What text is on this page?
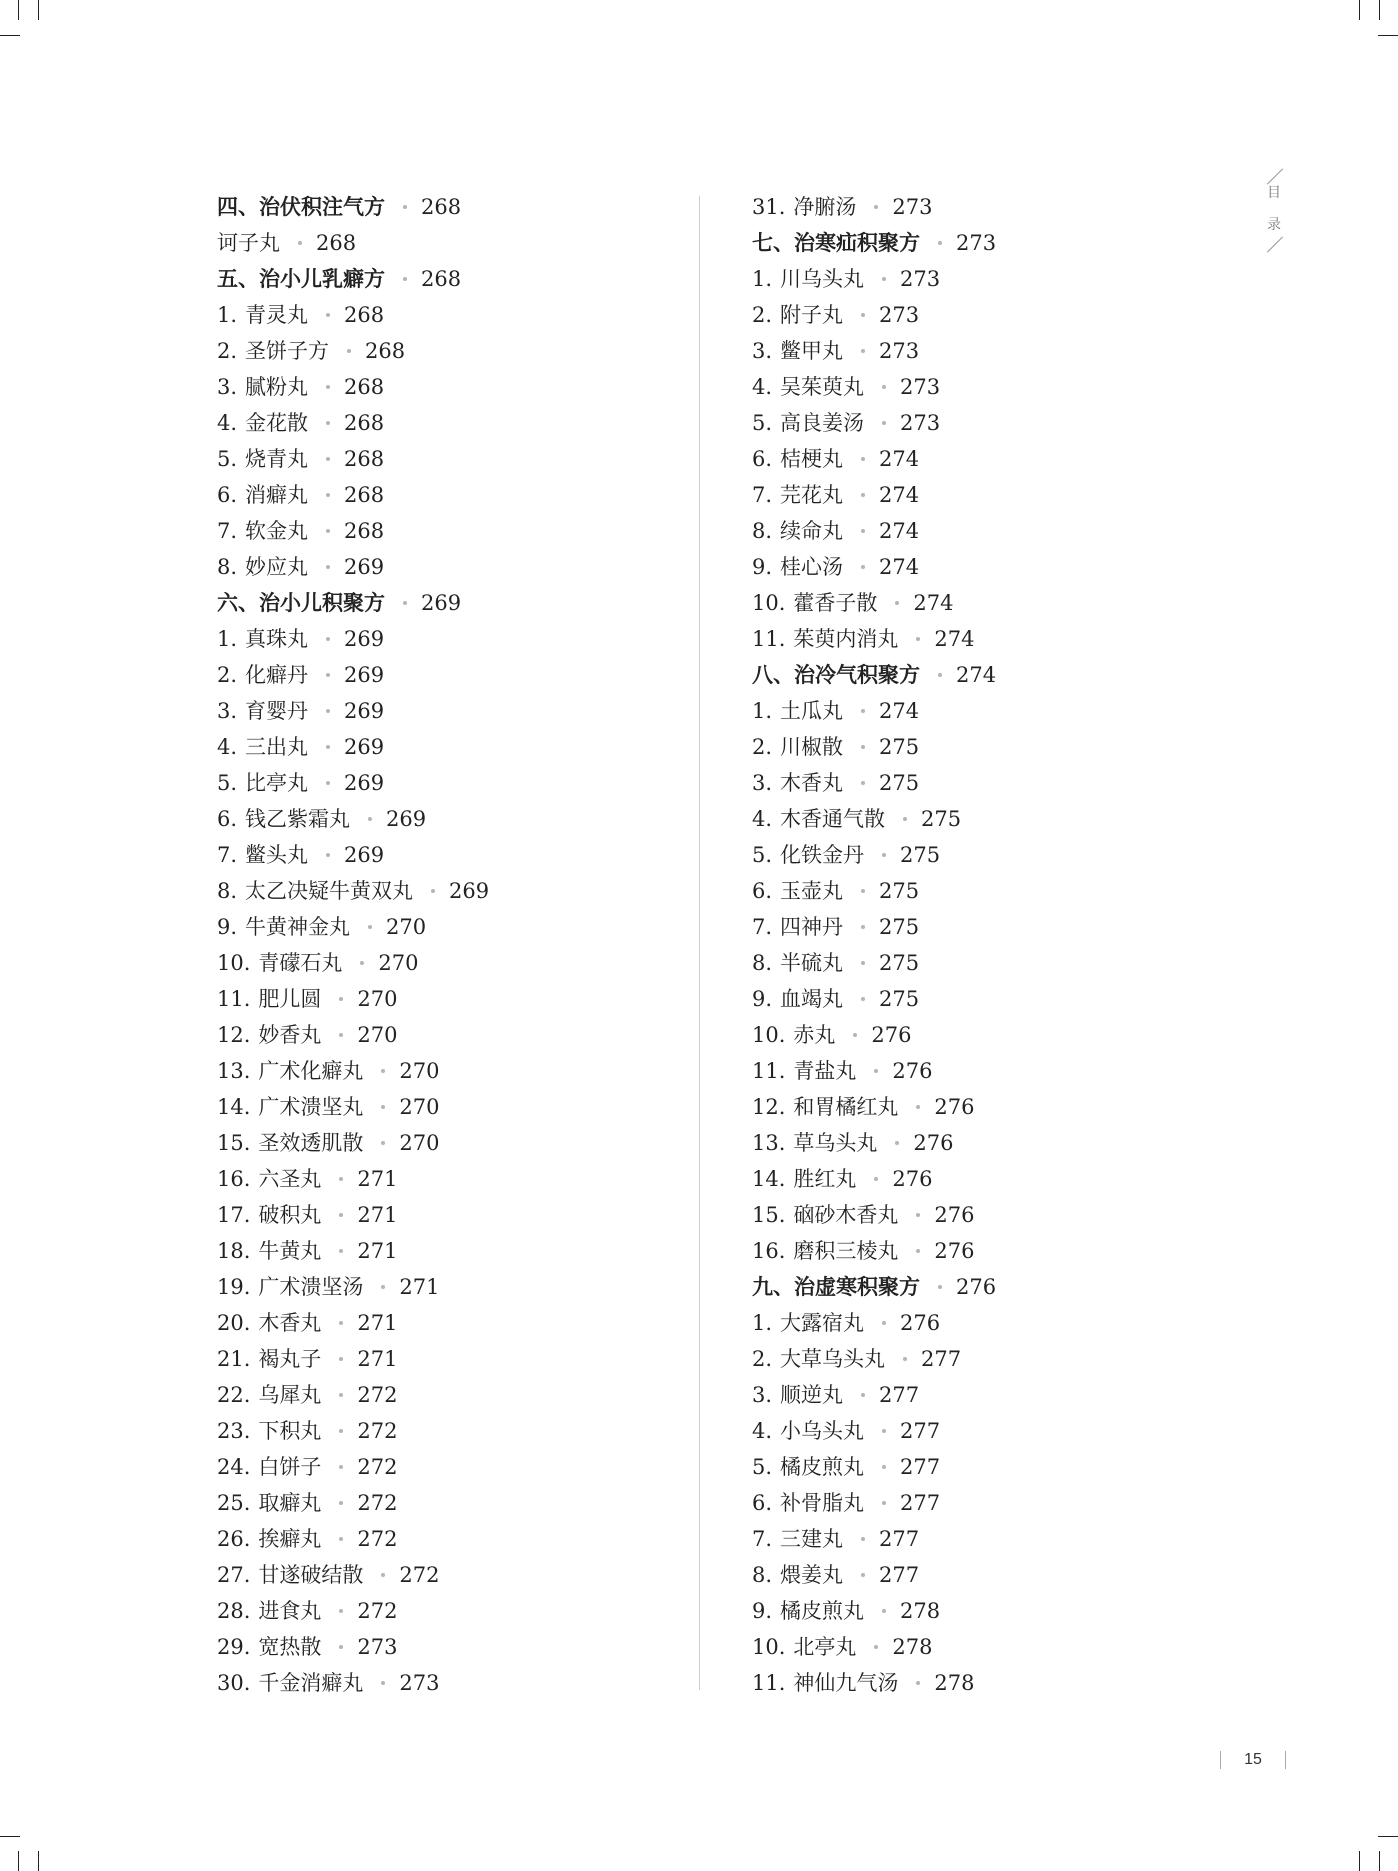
四、治伏积注气方 268
诃子丸 268
五、治小儿乳癖方 268
1. 青灵丸 268
2. 圣饼子方 268
3. 腻粉丸 268
4. 金花散 268
5. 烧青丸 268
6. 消癖丸 268
7. 软金丸 268
8. 妙应丸 269
六、治小儿积聚方 269
1. 真珠丸 269
2. 化癖丹 269
3. 育婴丹 269
4. 三出丸 269
5. 比亭丸 269
6. 钱乙紫霜丸 269
7. 鳖头丸 269
8. 太乙决疑牛黄双丸 269
9. 牛黄神金丸 270
10. 青礞石丸 270
11. 肥儿圆 270
12. 妙香丸 270
13. 广术化癖丸 270
14. 广术溃坚丸 270
15. 圣效透肌散 270
16. 六圣丸 271
17. 破积丸 271
18. 牛黄丸 271
19. 广术溃坚汤 271
20. 木香丸 271
21. 褐丸子 271
22. 乌犀丸 272
23. 下积丸 272
24. 白饼子 272
25. 取癖丸 272
26. 挨癖丸 272
27. 甘遂破结散 272
28. 进食丸 272
29. 宽热散 273
30. 千金消癖丸 273
31. 净腑汤 273
七、治寒疝积聚方 273
1. 川乌头丸 273
2. 附子丸 273
3. 鳖甲丸 273
4. 吴茱萸丸 273
5. 高良姜汤 273
6. 桔梗丸 274
7. 芫花丸 274
8. 续命丸 274
9. 桂心汤 274
10. 藿香子散 274
11. 茱萸内消丸 274
八、治冷气积聚方 274
1. 土瓜丸 274
2. 川椒散 275
3. 木香丸 275
4. 木香通气散 275
5. 化铁金丹 275
6. 玉壶丸 275
7. 四神丹 275
8. 半硫丸 275
9. 血竭丸 275
10. 赤丸 276
11. 青盐丸 276
12. 和胃橘红丸 276
13. 草乌头丸 276
14. 胜红丸 276
15. 硇砂木香丸 276
16. 磨积三棱丸 276
九、治虚寒积聚方 276
1. 大露宿丸 276
2. 大草乌头丸 277
3. 顺逆丸 277
4. 小乌头丸 277
5. 橘皮煎丸 277
6. 补骨脂丸 277
7. 三建丸 277
8. 煨姜丸 277
9. 橘皮煎丸 278
10. 北亭丸 278
11. 神仙九气汤 278
目
录
15
